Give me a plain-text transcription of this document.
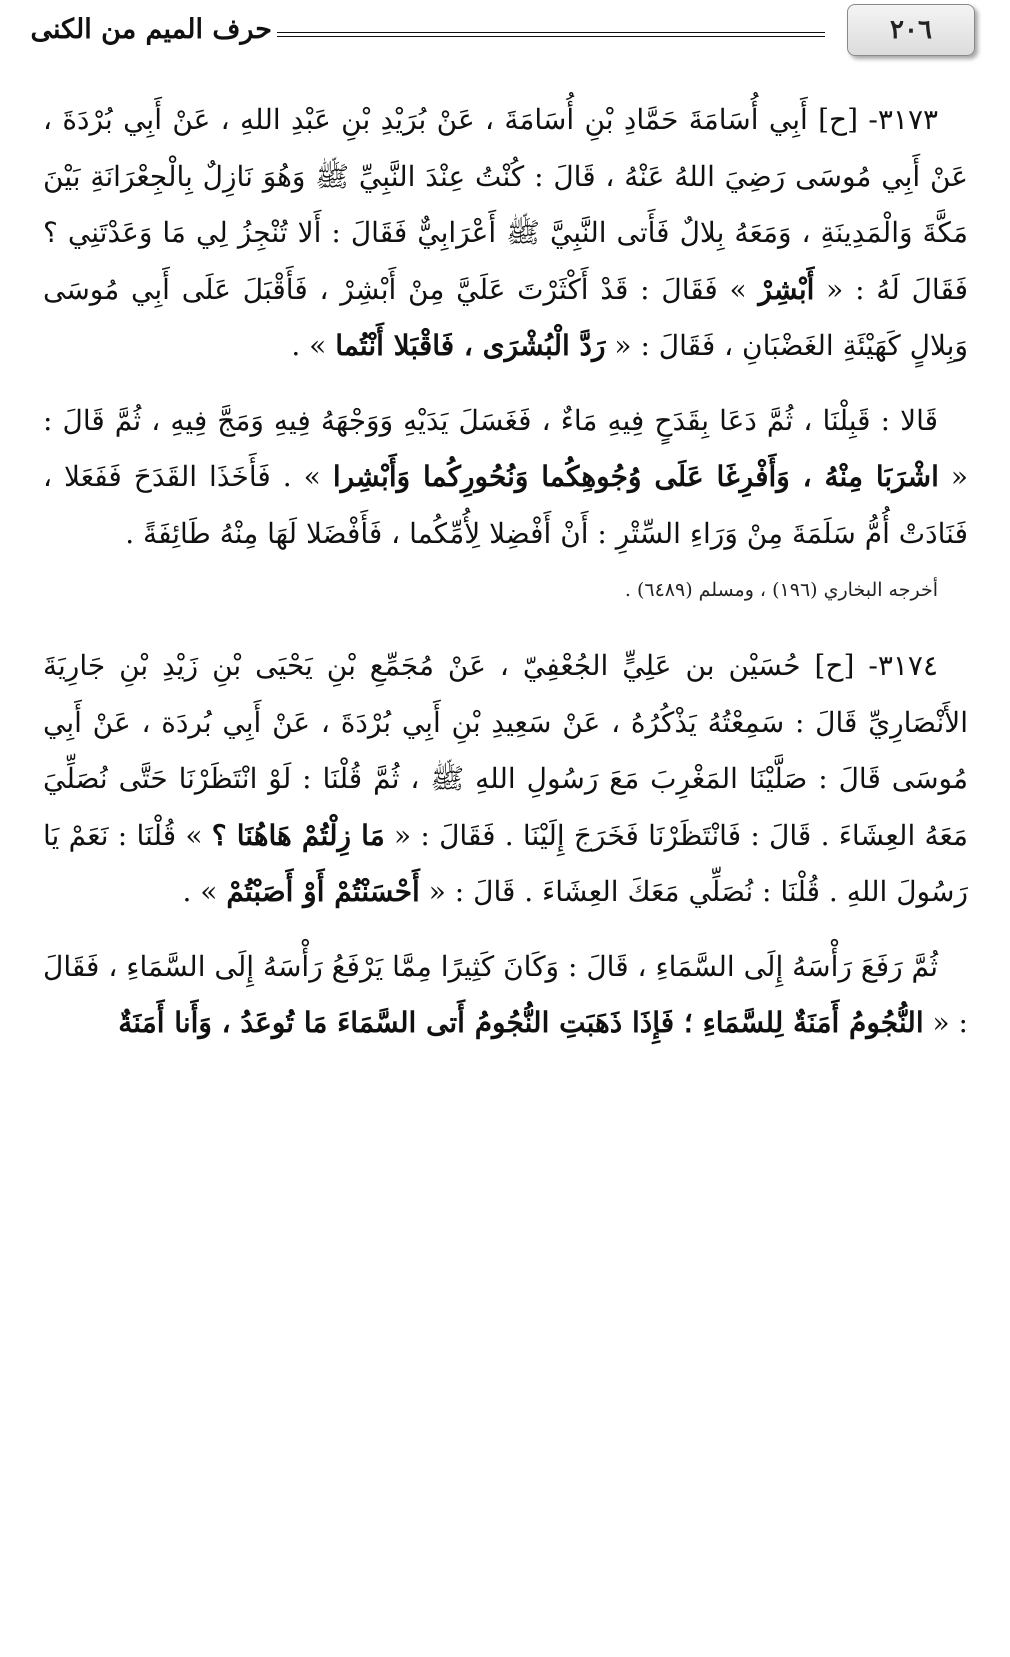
٢٠٦
حرف الميم من الكنى

٣١٧٣- [ح] أَبِي أُسَامَةَ حَمَّادِ بْنِ أُسَامَةَ ، عَنْ بُرَيْدِ بْنِ عَبْدِ اللهِ ، عَنْ أَبِي بُرْدَةَ ، عَنْ أَبِي مُوسَى رَضِيَ اللهُ عَنْهُ ، قَالَ : كُنْتُ عِنْدَ النَّبِيِّ ﷺ وَهُوَ نَازِلٌ بِالْجِعْرَانَةِ بَيْنَ مَكَّةَ وَالْمَدِينَةِ ، وَمَعَهُ بِلالٌ فَأَتى النَّبِيَّ ﷺ أَعْرَابِيٌّ فَقَالَ : أَلا تُنْجِزُ لِي مَا وَعَدْتَنِي ؟ فَقَالَ لَهُ : « أَبْشِرْ » فَقَالَ : قَدْ أَكْثَرْتَ عَلَيَّ مِنْ أَبْشِرْ ، فَأَقْبَلَ عَلَى أَبِي مُوسَى وَبِلالٍ كَهَيْئَةِ الغَضْبَانِ ، فَقَالَ : « رَدَّ الْبُشْرَى ، فَاقْبَلا أَنْتُما » .

قَالا : قَبِلْنَا ، ثُمَّ دَعَا بِقَدَحٍ فِيهِ مَاءٌ ، فَغَسَلَ يَدَيْهِ وَوَجْهَهُ فِيهِ وَمَجَّ فِيهِ ، ثُمَّ قَالَ : « اشْرَبَا مِنْهُ ، وَأَفْرِغَا عَلَى وُجُوهِكُما وَنُحُورِكُما وَأَبْشِرا » . فَأَخَذَا القَدَحَ فَفَعَلا ، فَنَادَتْ أُمُّ سَلَمَةَ مِنْ وَرَاءِ السِّتْرِ : أَنْ أَفْضِلا لِأُمِّكُما ، فَأَفْضَلا لَهَا مِنْهُ طَائِفَةً .

أخرجه البخاري (١٩٦) ، ومسلم (٦٤٨٩) .

٣١٧٤- [ح] حُسَيْن بن عَلِيٍّ الجُعْفِيّ ، عَنْ مُجَمِّعِ بْنِ يَحْيَى بْنِ زَيْدِ بْنِ جَارِيَةَ الأَنْصَارِيِّ قَالَ : سَمِعْتُهُ يَذْكُرُهُ ، عَنْ سَعِيدِ بْنِ أَبِي بُرْدَةَ ، عَنْ أَبِي بُردَة ، عَنْ أَبِي مُوسَى قَالَ : صَلَّيْنَا المَغْرِبَ مَعَ رَسُولِ اللهِ ﷺ ، ثُمَّ قُلْنَا : لَوْ انْتَظَرْنَا حَتَّى نُصَلِّيَ مَعَهُ العِشَاءَ . قَالَ : فَانْتَظَرْنَا فَخَرَجَ إِلَيْنَا . فَقَالَ : « مَا زِلْتُمْ هَاهُنَا ؟ » قُلْنَا : نَعَمْ يَا رَسُولَ اللهِ . قُلْنَا : نُصَلِّي مَعَكَ العِشَاءَ . قَالَ : « أَحْسَنْتُمْ أَوْ أَصَبْتُمْ » .

ثُمَّ رَفَعَ رَأْسَهُ إِلَى السَّمَاءِ ، قَالَ : وَكَانَ كَثِيرًا مِمَّا يَرْفَعُ رَأْسَهُ إِلَى السَّمَاءِ ، فَقَالَ : « النُّجُومُ أَمَنَةٌ لِلسَّمَاءِ ؛ فَإِذَا ذَهَبَتِ النُّجُومُ أَتى السَّمَاءَ مَا تُوعَدُ ، وَأَنا أَمَنَةٌ
